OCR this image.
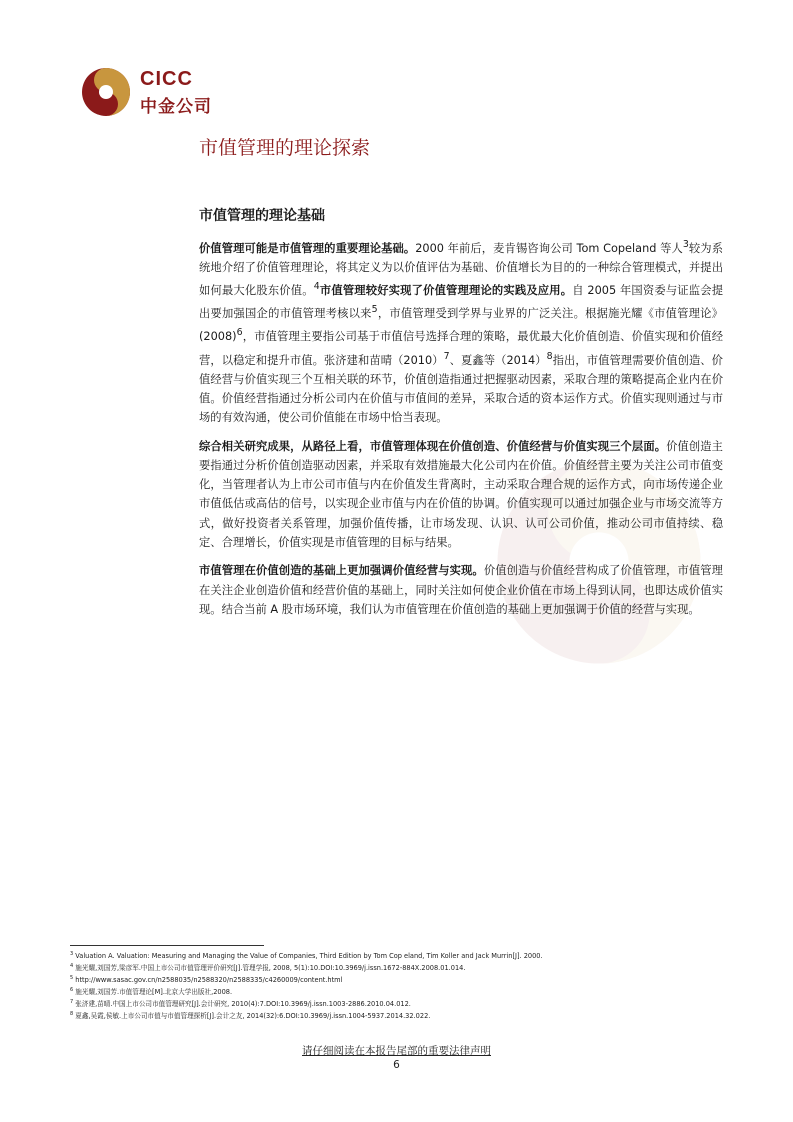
CICC
中金公司
市值管理的理论探索
市值管理的理论基础

价值管理可能是市值管理的重要理论基础。2000 年前后，麦肯锡咨询公司 Tom Copeland 等人$^3$较为系统地介绍了价值管理理论，将其定义为以价值评估为基础、价值增长为目的的一种综合管理模式，并提出如何最大化股东价值。$^4$市值管理较好实现了价值管理理论的实践及应用。自 2005 年国资委与证监会提出要加强国企的市值管理考核以来$^5$，市值管理受到学界与业界的广泛关注。根据施光耀《市值管理论》$(2008)^6$，市值管理主要指公司基于市值信号选择合理的策略，最优最大化价值创造、价值实现和价值经营，以稳定和提升市值。张济建和苗晴$(2010)^7$、夏鑫等$(2014)^8$指出，市值管理需要价值创造、价值经营与价值实现三个互相关联的环节，价值创造指通过把握驱动因素，采取合理的策略提高企业内在价值。价值经营指通过分析公司内在价值与市值间的差异，采取合适的资本运作方式。价值实现则通过与市场的有效沟通，使公司价值能在市场中恰当表现。

综合相关研究成果，从路径上看，市值管理体现在价值创造、价值经营与价值实现三个层面。价值创造主要指通过分析价值创造驱动因素，并采取有效措施最大化公司内在价值。价值经营主要为关注公司市值变化，当管理者认为上市公司市值与内在价值发生背离时，主动采取合理合规的运作方式，向市场传递企业市值低估或高估的信号，以实现企业市值与内在价值的协调。价值实现可以通过加强企业与市场交流等方式，做好投资者关系管理，加强价值传播，让市场发现、认识、认可公司价值，推动公司市值持续、稳定、合理增长，价值实现是市值管理的目标与结果。

市值管理在价值创造的基础上更加强调价值经营与实现。价值创造与价值经营构成了价值管理，市值管理在关注企业创造价值和经营价值的基础上，同时关注如何使企业价值在市场上得到认同，也即达成价值实现。结合当前 A 股市场环境，我们认为市值管理在价值创造的基础上更加强调于价值的经营与实现。

$^3$ Valuation A. Valuation: Measuring and Managing the Value of Companies, Third Edition by Tom Cop eland, Tim Koller and Jack Murrin[J]. 2000.
$^4$ 施光耀,刘国芳,梁彦军.中国上市公司市值管理评价研究[J].管理学报, 2008, 5(1):10.DOI:10.3969/j.issn.1672-884X.2008.01.014.
$^5$ http://www.sasac.gov.cn/n2588035/n2588320/n2588335/c4260009/content.html
$^6$ 施光耀,刘国芳.市值管理论[M].北京大学出版社,2008.
$^7$ 张济建,苗晴.中国上市公司市值管理研究[J].会计研究, 2010(4):7.DOI:10.3969/j.issn.1003-2886.2010.04.012.
$^8$ 夏鑫,吴霞,侯敏.上市公司市值与市值管理探析[J].会计之友, 2014(32):6.DOI:10.3969/j.issn.1004-5937.2014.32.022.
请仔细阅读在本报告尾部的重要法律声明
6
